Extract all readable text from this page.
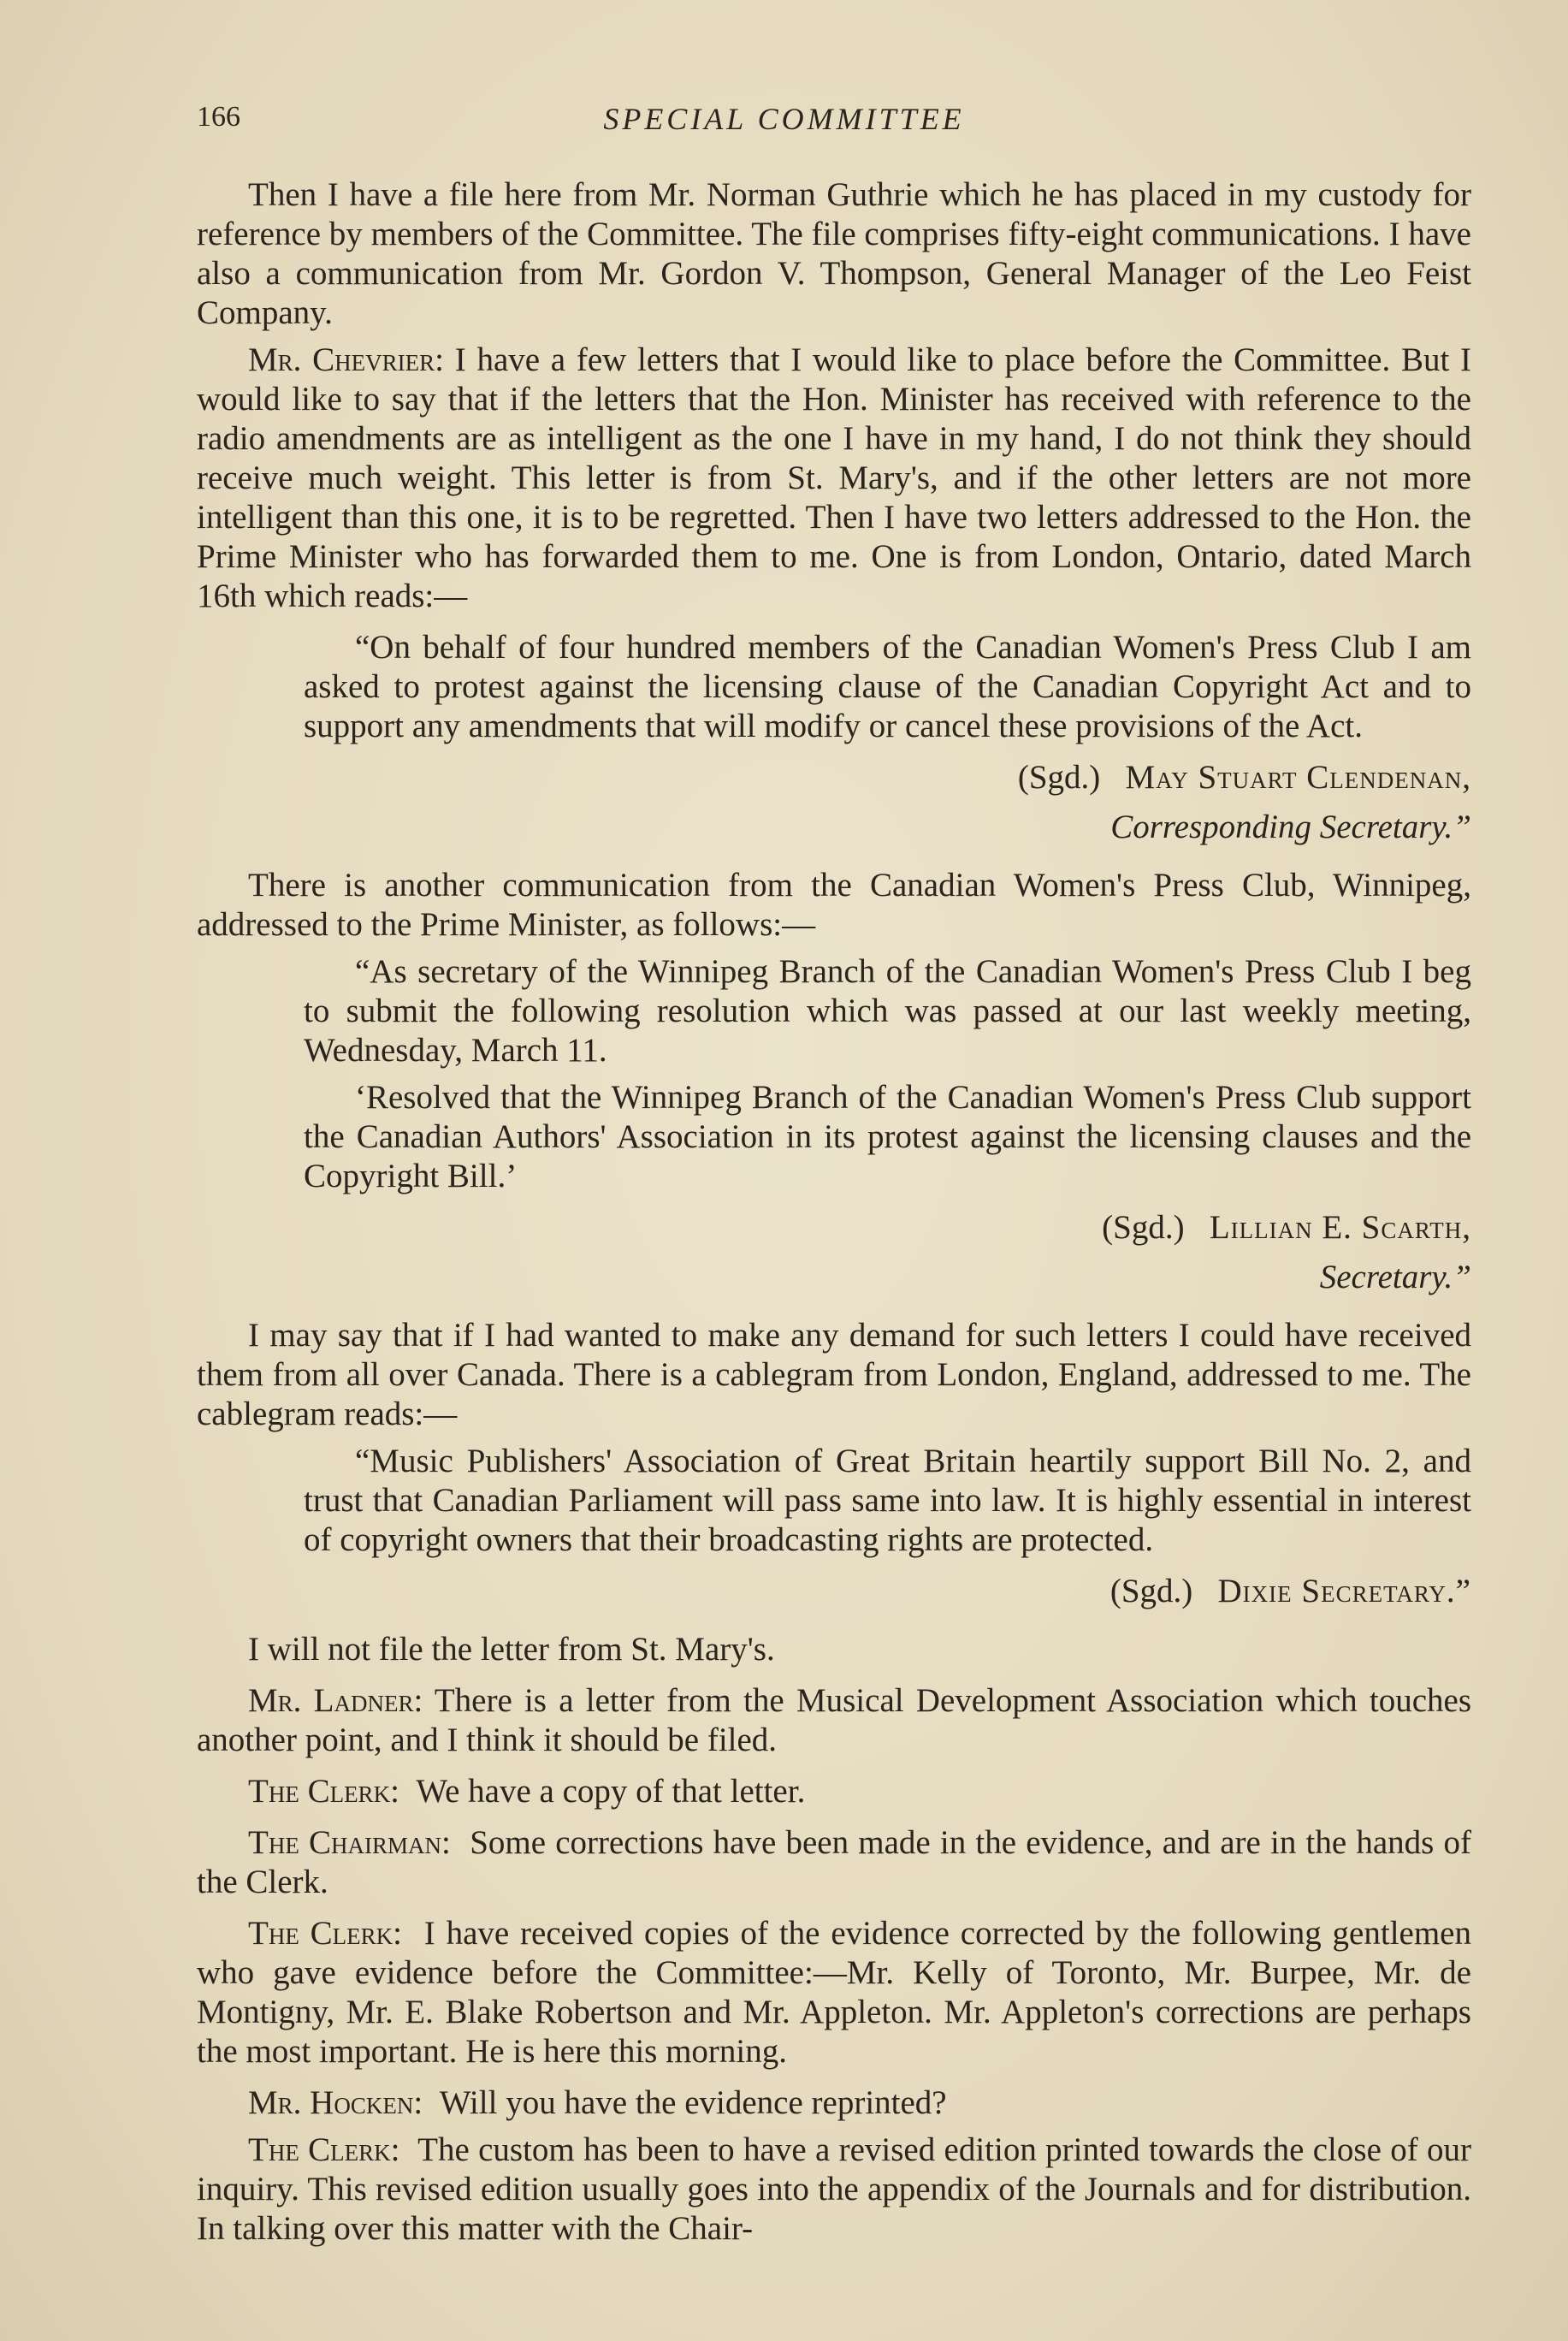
166	SPECIAL COMMITTEE

Then I have a file here from Mr. Norman Guthrie which he has placed in my custody for reference by members of the Committee. The file comprises fifty-eight communications. I have also a communication from Mr. Gordon V. Thompson, General Manager of the Leo Feist Company.

Mr. Chevrier: I have a few letters that I would like to place before the Committee. But I would like to say that if the letters that the Hon. Minister has received with reference to the radio amendments are as intelligent as the one I have in my hand, I do not think they should receive much weight. This letter is from St. Mary's, and if the other letters are not more intelligent than this one, it is to be regretted. Then I have two letters addressed to the Hon. the Prime Minister who has forwarded them to me. One is from London, Ontario, dated March 16th which reads:—

“On behalf of four hundred members of the Canadian Women's Press Club I am asked to protest against the licensing clause of the Canadian Copyright Act and to support any amendments that will modify or cancel these provisions of the Act.

(Sgd.) May Stuart Clendenan,

Corresponding Secretary.”

There is another communication from the Canadian Women's Press Club, Winnipeg, addressed to the Prime Minister, as follows:—

“As secretary of the Winnipeg Branch of the Canadian Women's Press Club I beg to submit the following resolution which was passed at our last weekly meeting, Wednesday, March 11.

‘Resolved that the Winnipeg Branch of the Canadian Women's Press Club support the Canadian Authors' Association in its protest against the licensing clauses and the Copyright Bill.’

(Sgd.) Lillian E. Scarth,

Secretary.”

I may say that if I had wanted to make any demand for such letters I could have received them from all over Canada. There is a cablegram from London, England, addressed to me. The cablegram reads:—

“Music Publishers' Association of Great Britain heartily support Bill No. 2, and trust that Canadian Parliament will pass same into law. It is highly essential in interest of copyright owners that their broadcasting rights are protected.

(Sgd.) Dixie Secretary.”

I will not file the letter from St. Mary's.

Mr. Ladner: There is a letter from the Musical Development Association which touches another point, and I think it should be filed.

The Clerk: We have a copy of that letter.

The Chairman: Some corrections have been made in the evidence, and are in the hands of the Clerk.

The Clerk: I have received copies of the evidence corrected by the following gentlemen who gave evidence before the Committee:—Mr. Kelly of Toronto, Mr. Burpee, Mr. de Montigny, Mr. E. Blake Robertson and Mr. Appleton. Mr. Appleton's corrections are perhaps the most important. He is here this morning.

Mr. Hocken: Will you have the evidence reprinted?

The Clerk: The custom has been to have a revised edition printed towards the close of our inquiry. This revised edition usually goes into the appendix of the Journals and for distribution. In talking over this matter with the Chair-
